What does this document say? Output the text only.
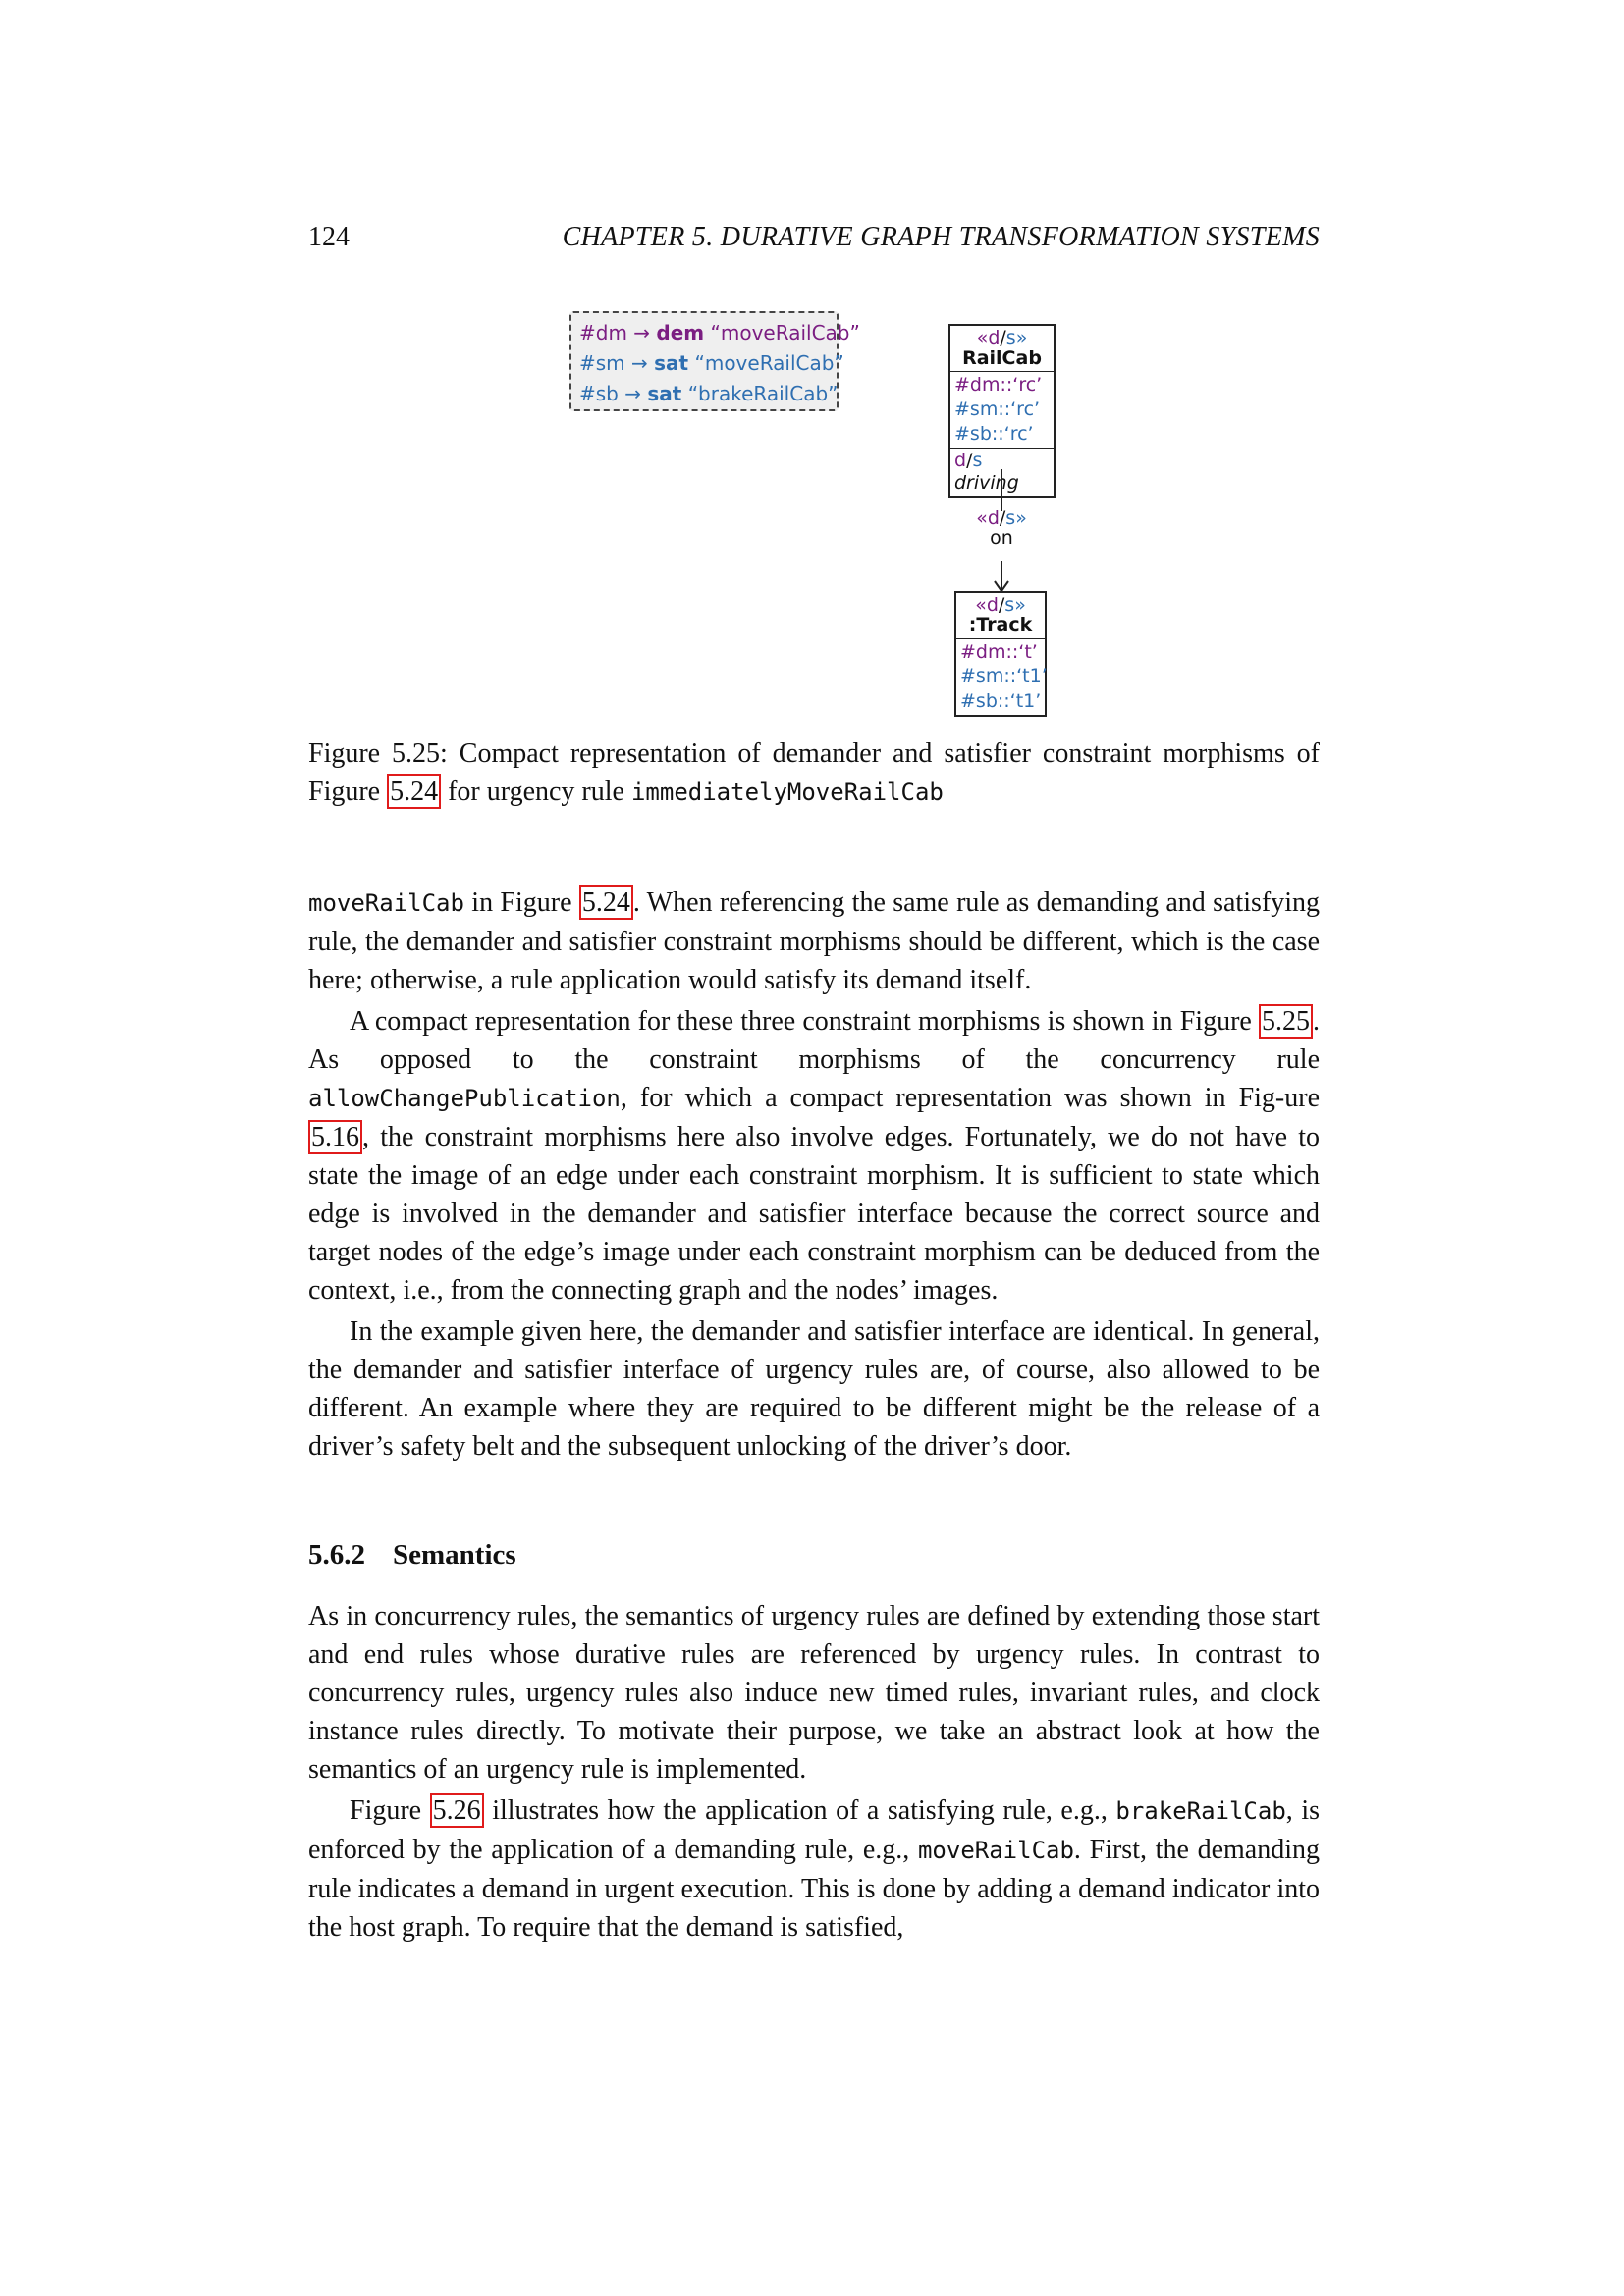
124	CHAPTER 5. DURATIVE GRAPH TRANSFORMATION SYSTEMS
#dm → dem “moveRailCab”
#sm → sat “moveRailCab”
#sb → sat “brakeRailCab”
«d/s»
RailCab
#dm::‘rc’
#sm::‘rc’
#sb::‘rc’
d/s driving
«d/s»
on
«d/s»
:Track
#dm::‘t’
#sm::‘t1’
#sb::‘t1’
Figure 5.25: Compact representation of demander and satisfier constraint morphisms of Figure 5.24 for urgency rule immediatelyMoveRailCab

moveRailCab in Figure 5.24 . When referencing the same rule as demanding and satisfying rule, the demander and satisfier constraint morphisms should be different, which is the case here; otherwise, a rule application would satisfy its demand itself.

A compact representation for these three constraint morphisms is shown in Figure 5.25 . As opposed to the constraint morphisms of the concurrency rule allowChangePublication, for which a compact representation was shown in Fig-ure 5.16 , the constraint morphisms here also involve edges. Fortunately, we do not have to state the image of an edge under each constraint morphism. It is sufficient to state which edge is involved in the demander and satisfier interface because the correct source and target nodes of the edge’s image under each constraint morphism can be deduced from the context, i.e., from the connecting graph and the nodes’ images.

In the example given here, the demander and satisfier interface are identical. In general, the demander and satisfier interface of urgency rules are, of course, also allowed to be different. An example where they are required to be different might be the release of a driver’s safety belt and the subsequent unlocking of the driver’s door.

5.6.2 Semantics

As in concurrency rules, the semantics of urgency rules are defined by extending those start and end rules whose durative rules are referenced by urgency rules. In contrast to concurrency rules, urgency rules also induce new timed rules, invariant rules, and clock instance rules directly. To motivate their purpose, we take an abstract look at how the semantics of an urgency rule is implemented.

Figure 5.26 illustrates how the application of a satisfying rule, e.g., brakeRailCab, is enforced by the application of a demanding rule, e.g., moveRailCab. First, the demanding rule indicates a demand in urgent execution. This is done by adding a demand indicator into the host graph. To require that the demand is satisfied,
